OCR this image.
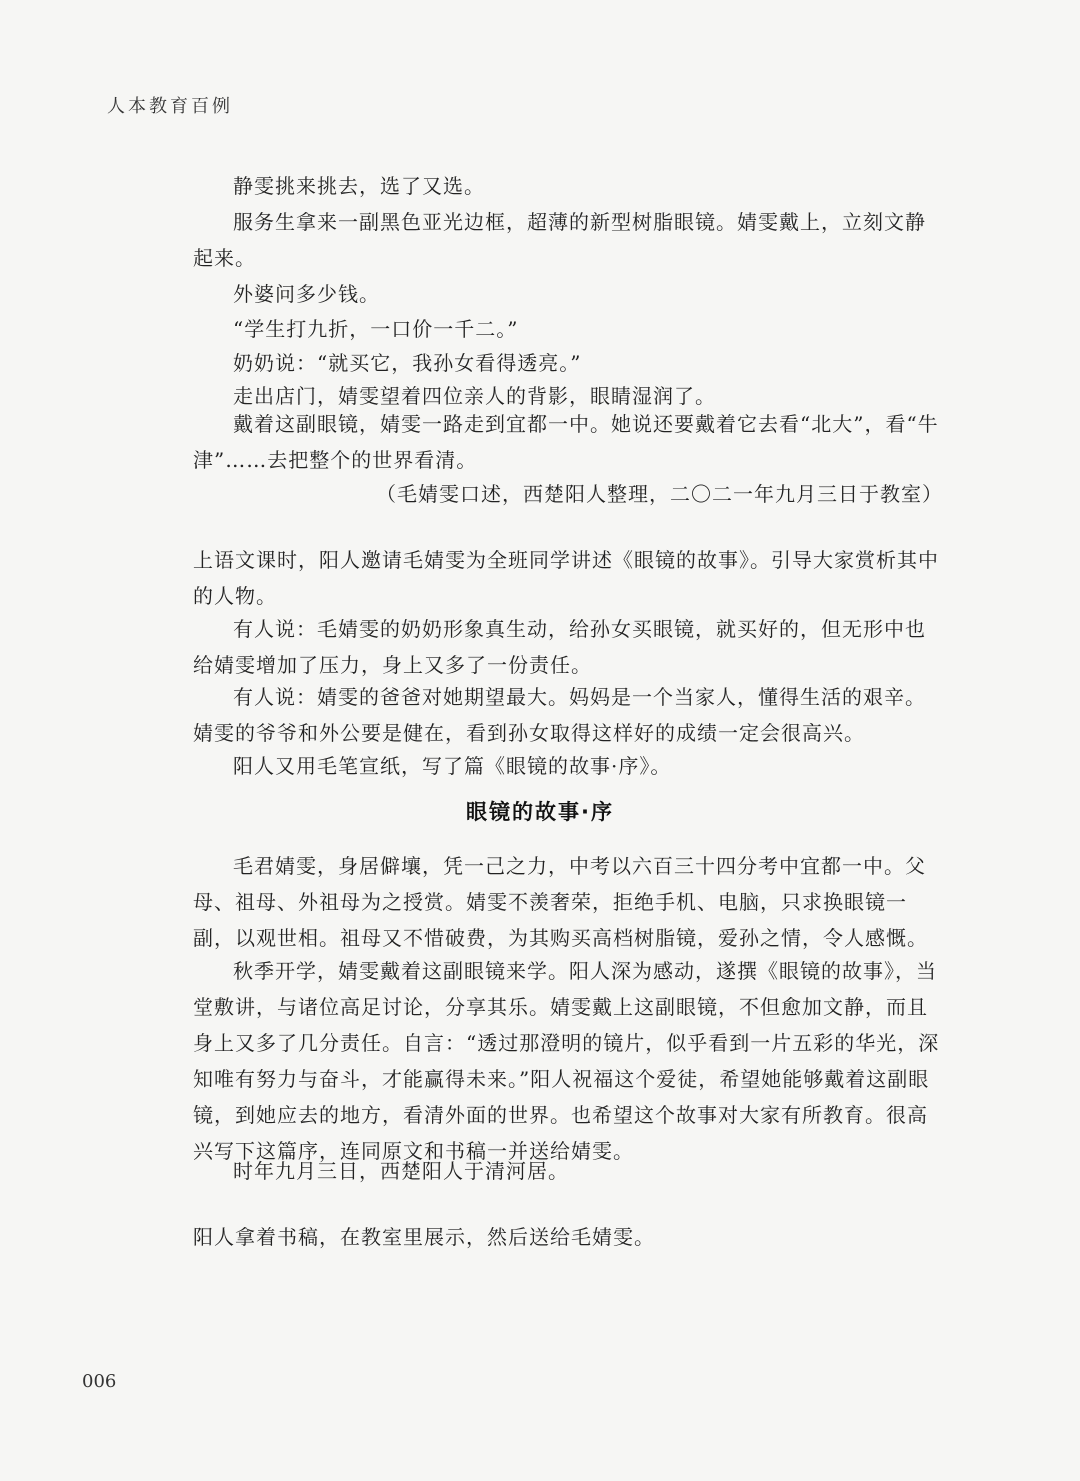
人本教育百例

静雯挑来挑去，选了又选。

服务生拿来一副黑色亚光边框，超薄的新型树脂眼镜。婧雯戴上，立刻文静起来。

外婆问多少钱。

“学生打九折，一口价一千二。”

奶奶说：“就买它，我孙女看得透亮。”

走出店门，婧雯望着四位亲人的背影，眼睛湿润了。

戴着这副眼镜，婧雯一路走到宜都一中。她说还要戴着它去看“北大”，看“牛津”……去把整个的世界看清。

（毛婧雯口述，西楚阳人整理，二〇二一年九月三日于教室）

上语文课时，阳人邀请毛婧雯为全班同学讲述《眼镜的故事》。引导大家赏析其中的人物。

有人说：毛婧雯的奶奶形象真生动，给孙女买眼镜，就买好的，但无形中也给婧雯增加了压力，身上又多了一份责任。

有人说：婧雯的爸爸对她期望最大。妈妈是一个当家人，懂得生活的艰辛。婧雯的爷爷和外公要是健在，看到孙女取得这样好的成绩一定会很高兴。

阳人又用毛笔宣纸，写了篇《眼镜的故事·序》。

眼镜的故事·序

毛君婧雯，身居僻壤，凭一己之力，中考以六百三十四分考中宜都一中。父母、祖母、外祖母为之授赏。婧雯不羡奢荣，拒绝手机、电脑，只求换眼镜一副，以观世相。祖母又不惜破费，为其购买高档树脂镜，爱孙之情，令人感慨。

秋季开学，婧雯戴着这副眼镜来学。阳人深为感动，遂撰《眼镜的故事》，当堂敷讲，与诸位高足讨论，分享其乐。婧雯戴上这副眼镜，不但愈加文静，而且身上又多了几分责任。自言：“透过那澄明的镜片，似乎看到一片五彩的华光，深知唯有努力与奋斗，才能赢得未来。”阳人祝福这个爱徒，希望她能够戴着这副眼镜，到她应去的地方，看清外面的世界。也希望这个故事对大家有所教育。很高兴写下这篇序，连同原文和书稿一并送给婧雯。

时年九月三日，西楚阳人于清河居。

阳人拿着书稿，在教室里展示，然后送给毛婧雯。

006
